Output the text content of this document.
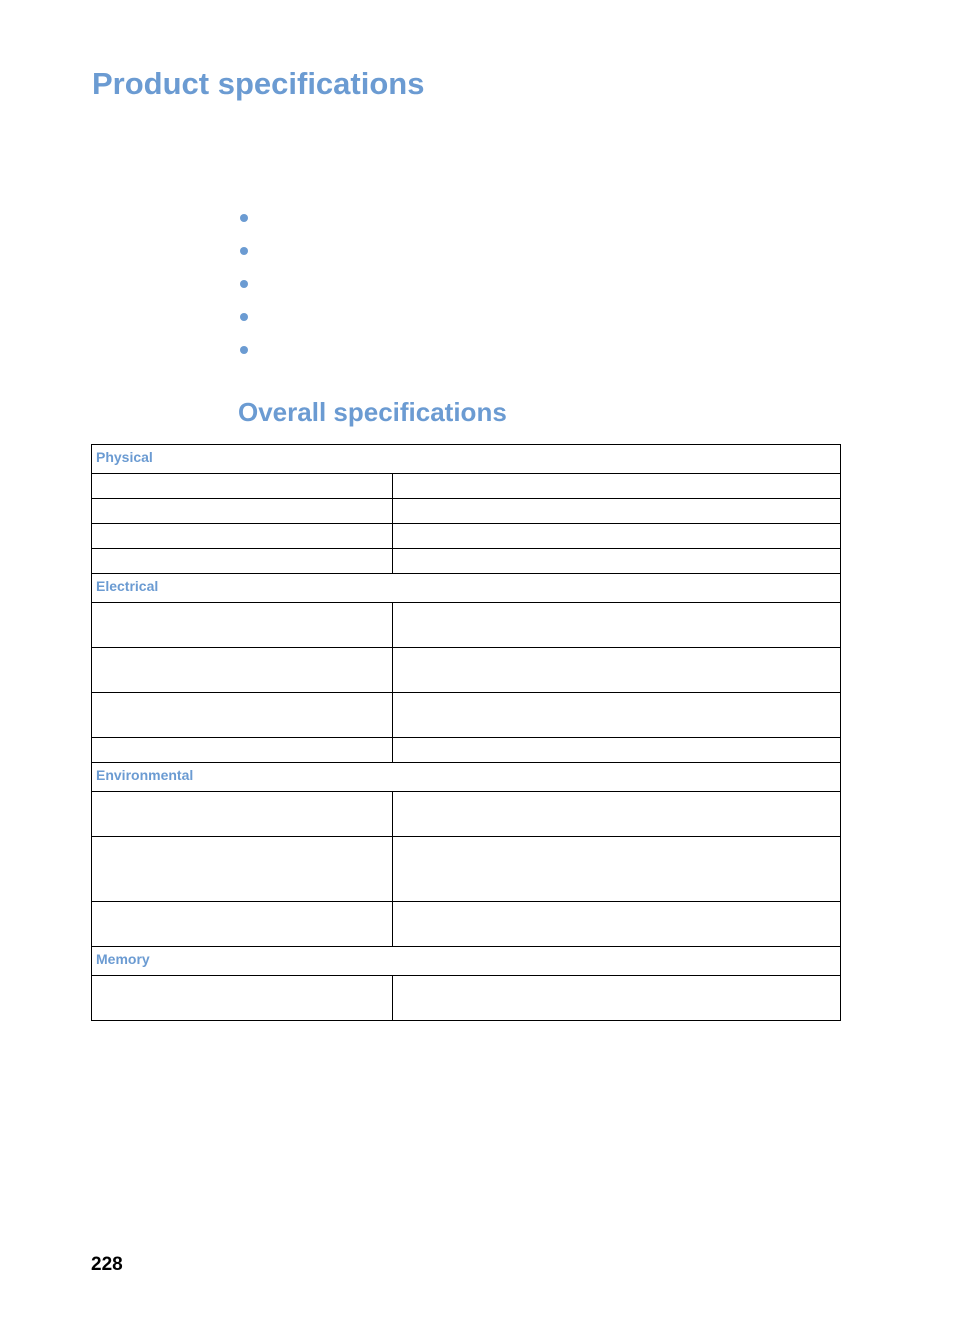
Product specifications
Overall specifications
Physical	

Electrical	

Environmental	

Memory	

228
